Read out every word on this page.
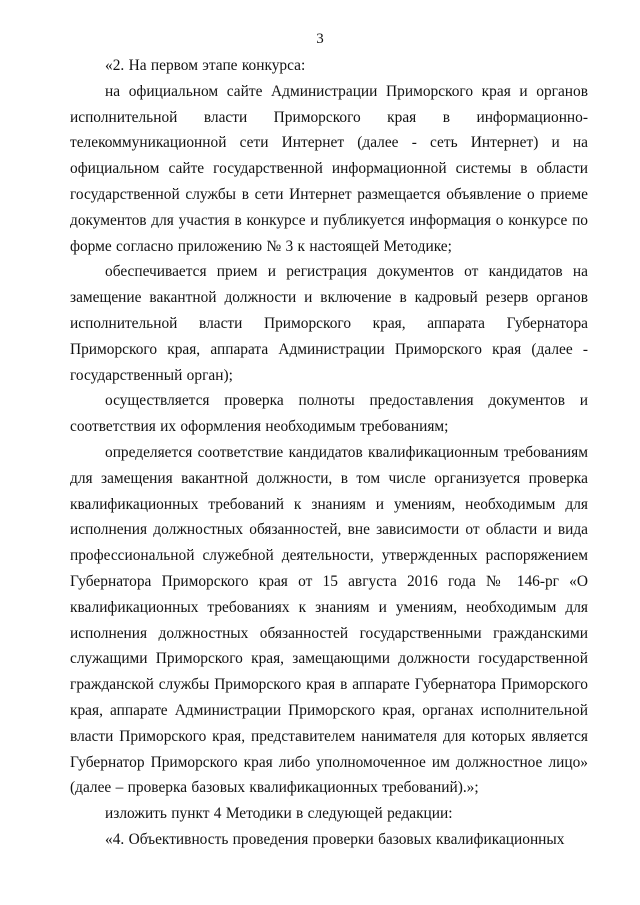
3

«2. На первом этапе конкурса:

на официальном сайте Администрации Приморского края и органов исполнительной власти Приморского края в информационно-телекоммуникационной сети Интернет (далее - сеть Интернет) и на официальном сайте государственной информационной системы в области государственной службы в сети Интернет размещается объявление о приеме документов для участия в конкурсе и публикуется информация о конкурсе по форме согласно приложению № 3 к настоящей Методике;

обеспечивается прием и регистрация документов от кандидатов на замещение вакантной должности и включение в кадровый резерв органов исполнительной власти Приморского края, аппарата Губернатора Приморского края, аппарата Администрации Приморского края (далее - государственный орган);

осуществляется проверка полноты предоставления документов и соответствия их оформления необходимым требованиям;

определяется соответствие кандидатов квалификационным требованиям для замещения вакантной должности, в том числе организуется проверка квалификационных требований к знаниям и умениям, необходимым для исполнения должностных обязанностей, вне зависимости от области и вида профессиональной служебной деятельности, утвержденных распоряжением Губернатора Приморского края от 15 августа 2016 года № 146-рг «О квалификационных требованиях к знаниям и умениям, необходимым для исполнения должностных обязанностей государственными гражданскими служащими Приморского края, замещающими должности государственной гражданской службы Приморского края в аппарате Губернатора Приморского края, аппарате Администрации Приморского края, органах исполнительной власти Приморского края, представителем нанимателя для которых является Губернатор Приморского края либо уполномоченное им должностное лицо» (далее – проверка базовых квалификационных требований).»;

изложить пункт 4 Методики в следующей редакции:

«4. Объективность проведения проверки базовых квалификационных
